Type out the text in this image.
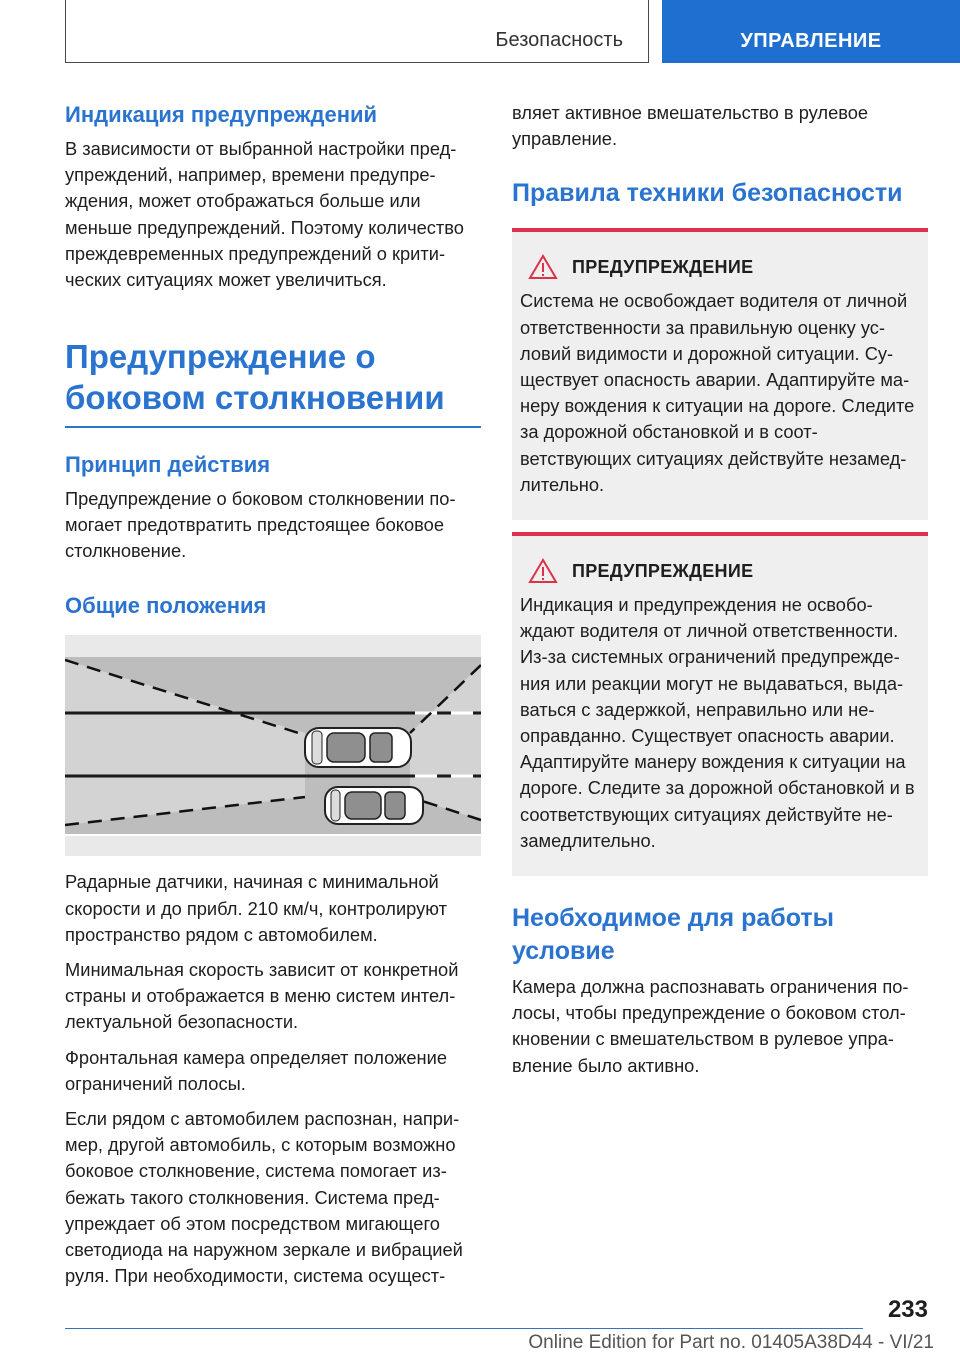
Безопасность	УПРАВЛЕНИЕ
Индикация предупреждений

В зависимости от выбранной настройки пред-упреждений, например, времени предупре-ждения, может отображаться больше или меньше предупреждений. Поэтому количество преждевременных предупреждений о крити-ческих ситуациях может увеличиться.

Предупреждение о боковом столкновении
Принцип действия

Предупреждение о боковом столкновении по-могает предотвратить предстоящее боковое столкновение.

Общие положения

Радарные датчики, начиная с минимальной скорости и до прибл. 210 км/ч, контролируют пространство рядом с автомобилем.

Минимальная скорость зависит от конкретной страны и отображается в меню систем интел-лектуальной безопасности.

Фронтальная камера определяет положение ограничений полосы.

Если рядом с автомобилем распознан, напри-мер, другой автомобиль, с которым возможно боковое столкновение, система помогает из-бежать такого столкновения. Система пред-упреждает об этом посредством мигающего светодиода на наружном зеркале и вибрацией руля. При необходимости, система осущест-

вляет активное вмешательство в рулевое управление.

Правила техники безопасности
ПРЕДУПРЕЖДЕНИЕ

Система не освобождает водителя от личной ответственности за правильную оценку ус-ловий видимости и дорожной ситуации. Су-ществует опасность аварии. Адаптируйте ма-неру вождения к ситуации на дороге. Следите за дорожной обстановкой и в соот-ветствующих ситуациях действуйте незамед-лительно.

ПРЕДУПРЕЖДЕНИЕ

Индикация и предупреждения не освобо-ждают водителя от личной ответственности. Из-за системных ограничений предупрежде-ния или реакции могут не выдаваться, выда-ваться с задержкой, неправильно или не-оправданно. Существует опасность аварии. Адаптируйте манеру вождения к ситуации на дороге. Следите за дорожной обстановкой и в соответствующих ситуациях действуйте не-замедлительно.

Необходимое для работы условие

Камера должна распознавать ограничения по-лосы, чтобы предупреждение о боковом стол-кновении с вмешательством в рулевое упра-вление было активно.

233
Online Edition for Part no. 01405A38D44 - VI/21
